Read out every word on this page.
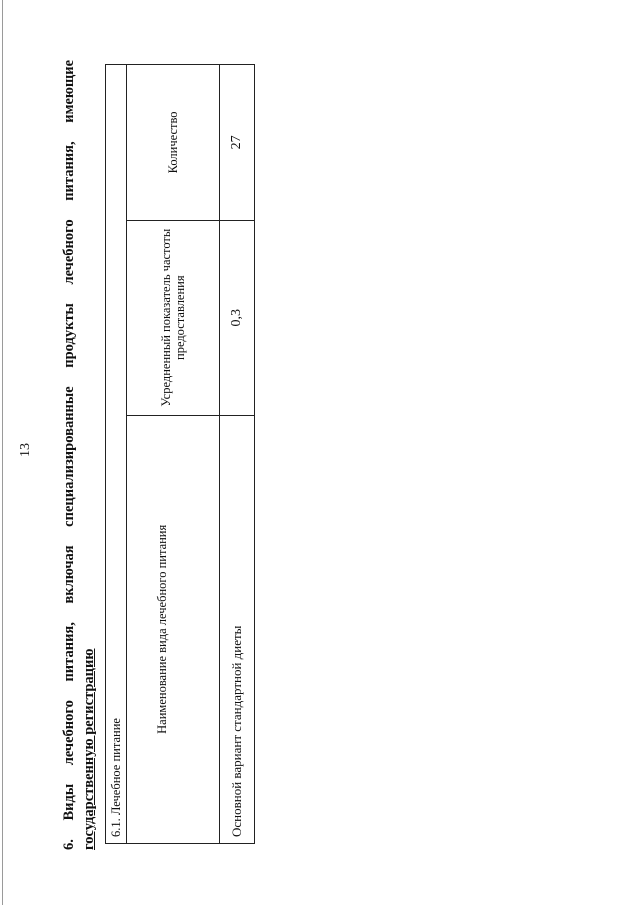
13 6. Виды лечебного питания, включая специализированные продукты лечебного питания, имеющие государственную регистрацию 6.1. Лечебное питание		
Наименование вида лечебного питания	Усредненный показатель частоты предоставления	Количество
Основной вариант стандартной диеты	0,3	27
